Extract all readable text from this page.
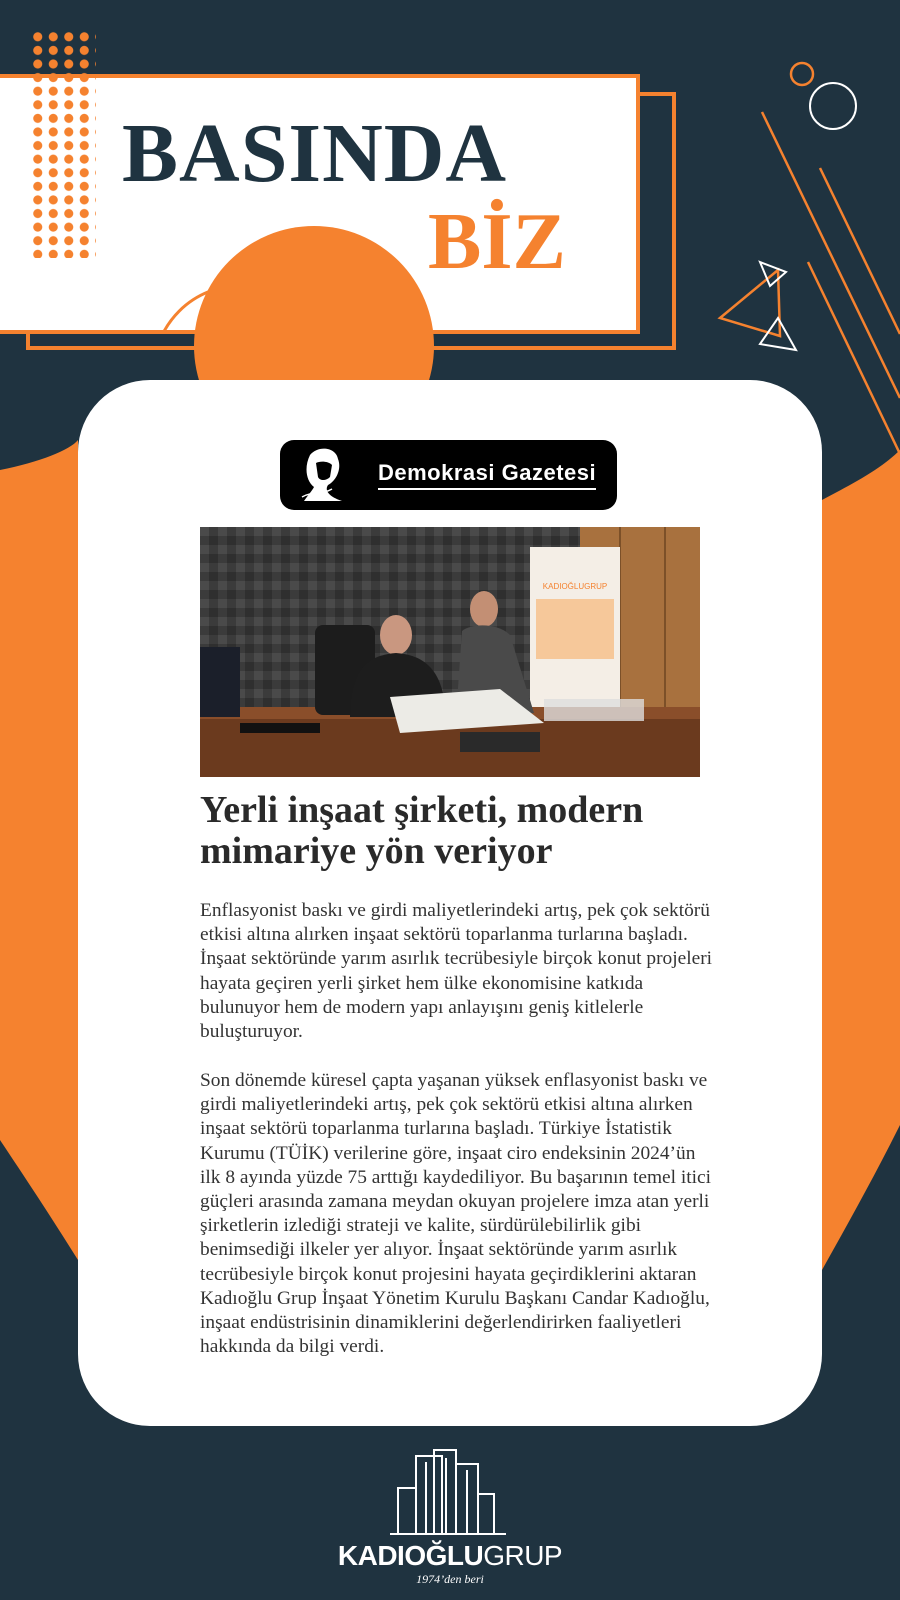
BASINDA
BİZ
Demokrasi Gazetesi
KADIOĞLUGRUP
Yerli inşaat şirketi, modern mimariye yön veriyor

Enflasyonist baskı ve girdi maliyetlerindeki artış, pek çok sektörü etkisi altına alırken inşaat sektörü toparlanma turlarına başladı. İnşaat sektöründe yarım asırlık tecrübesiyle birçok konut projeleri hayata geçiren yerli şirket hem ülke ekonomisine katkıda bulunuyor hem de modern yapı anlayışını geniş kitlelerle buluşturuyor.

Son dönemde küresel çapta yaşanan yüksek enflasyonist baskı ve girdi maliyetlerindeki artış, pek çok sektörü etkisi altına alırken inşaat sektörü toparlanma turlarına başladı. Türkiye İstatistik Kurumu (TÜİK) verilerine göre, inşaat ciro endeksinin 2024’ün ilk 8 ayında yüzde 75 arttığı kaydediliyor. Bu başarının temel itici güçleri arasında zamana meydan okuyan projelere imza atan yerli şirketlerin izlediği strateji ve kalite, sürdürülebilirlik gibi benimsediği ilkeler yer alıyor. İnşaat sektöründe yarım asırlık tecrübesiyle birçok konut projesini hayata geçirdiklerini aktaran Kadıoğlu Grup İnşaat Yönetim Kurulu Başkanı Candar Kadıoğlu, inşaat endüstrisinin dinamiklerini değerlendirirken faaliyetleri hakkında da bilgi verdi.

KADIOĞLUGRUP
1974’den beri
